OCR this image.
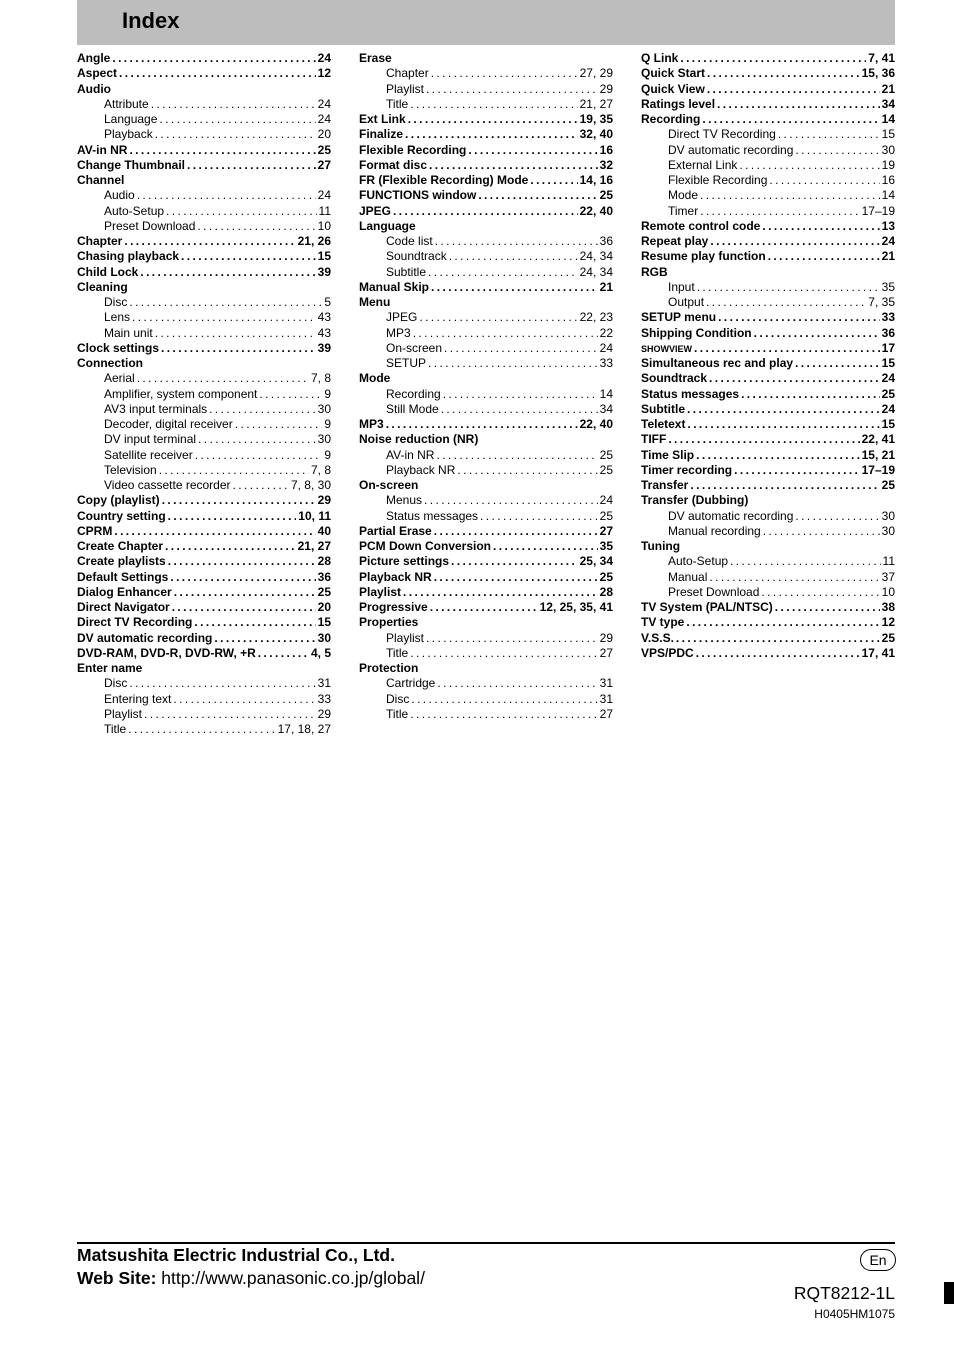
Index
Angle .....	24
Aspect .....	12
Audio
Attribute .....	24
Language .....	24
Playback .....	20
AV-in NR .....	25
Change Thumbnail .....	27
Channel
Audio .....	24
Auto-Setup .....	11
Preset Download .....	10
Chapter .....	21, 26
Chasing playback .....	15
Child Lock .....	39
Cleaning
Disc .....	5
Lens .....	43
Main unit .....	43
Clock settings .....	39
Connection
Aerial .....	7, 8
Amplifier, system component .....	9
AV3 input terminals .....	30
Decoder, digital receiver .....	9
DV input terminal .....	30
Satellite receiver .....	9
Television .....	7, 8
Video cassette recorder .....	7, 8, 30
Copy (playlist) .....	29
Country setting .....	10, 11
CPRM .....	40
Create Chapter .....	21, 27
Create playlists .....	28
Default Settings .....	36
Dialog Enhancer .....	25
Direct Navigator .....	20
Direct TV Recording .....	15
DV automatic recording .....	30
DVD-RAM, DVD-R, DVD-RW, +R .....	4, 5
Enter name
Disc .....	31
Entering text .....	33
Playlist .....	29
Title .....	17, 18, 27
Erase
Chapter .....	27, 29
Playlist .....	29
Title .....	21, 27
Ext Link .....	19, 35
Finalize .....	32, 40
Flexible Recording .....	16
Format disc .....	32
FR (Flexible Recording) Mode .....	14, 16
FUNCTIONS window .....	25
JPEG .....	22, 40
Language
Code list .....	36
Soundtrack .....	24, 34
Subtitle .....	24, 34
Manual Skip .....	21
Menu
JPEG .....	22, 23
MP3 .....	22
On-screen .....	24
SETUP .....	33
Mode
Recording .....	14
Still Mode .....	34
MP3 .....	22, 40
Noise reduction (NR)
AV-in NR .....	25
Playback NR .....	25
On-screen
Menus .....	24
Status messages .....	25
Partial Erase .....	27
PCM Down Conversion .....	35
Picture settings .....	25, 34
Playback NR .....	25
Playlist .....	28
Progressive .....	12, 25, 35, 41
Properties
Playlist .....	29
Title .....	27
Protection
Cartridge .....	31
Disc .....	31
Title .....	27
Q Link .....	7, 41
Quick Start .....	15, 36
Quick View .....	21
Ratings level .....	34
Recording .....	14
Direct TV Recording .....	15
DV automatic recording .....	30
External Link .....	19
Flexible Recording .....	16
Mode .....	14
Timer .....	17–19
Remote control code .....	13
Repeat play .....	24
Resume play function .....	21
RGB
Input .....	35
Output .....	7, 35
SETUP menu .....	33
Shipping Condition .....	36
SHOWVIEW .....	17
Simultaneous rec and play .....	15
Soundtrack .....	24
Status messages .....	25
Subtitle .....	24
Teletext .....	15
TIFF .....	22, 41
Time Slip .....	15, 21
Timer recording .....	17–19
Transfer .....	25
Transfer (Dubbing)
DV automatic recording .....	30
Manual recording .....	30
Tuning
Auto-Setup .....	11
Manual .....	37
Preset Download .....	10
TV System (PAL/NTSC) .....	38
TV type .....	12
V.S.S. .....	25
VPS/PDC .....	17, 41
Matsushita Electric Industrial Co., Ltd.
Web Site: http://www.panasonic.co.jp/global/
En
RQT8212-1L
H0405HM1075
